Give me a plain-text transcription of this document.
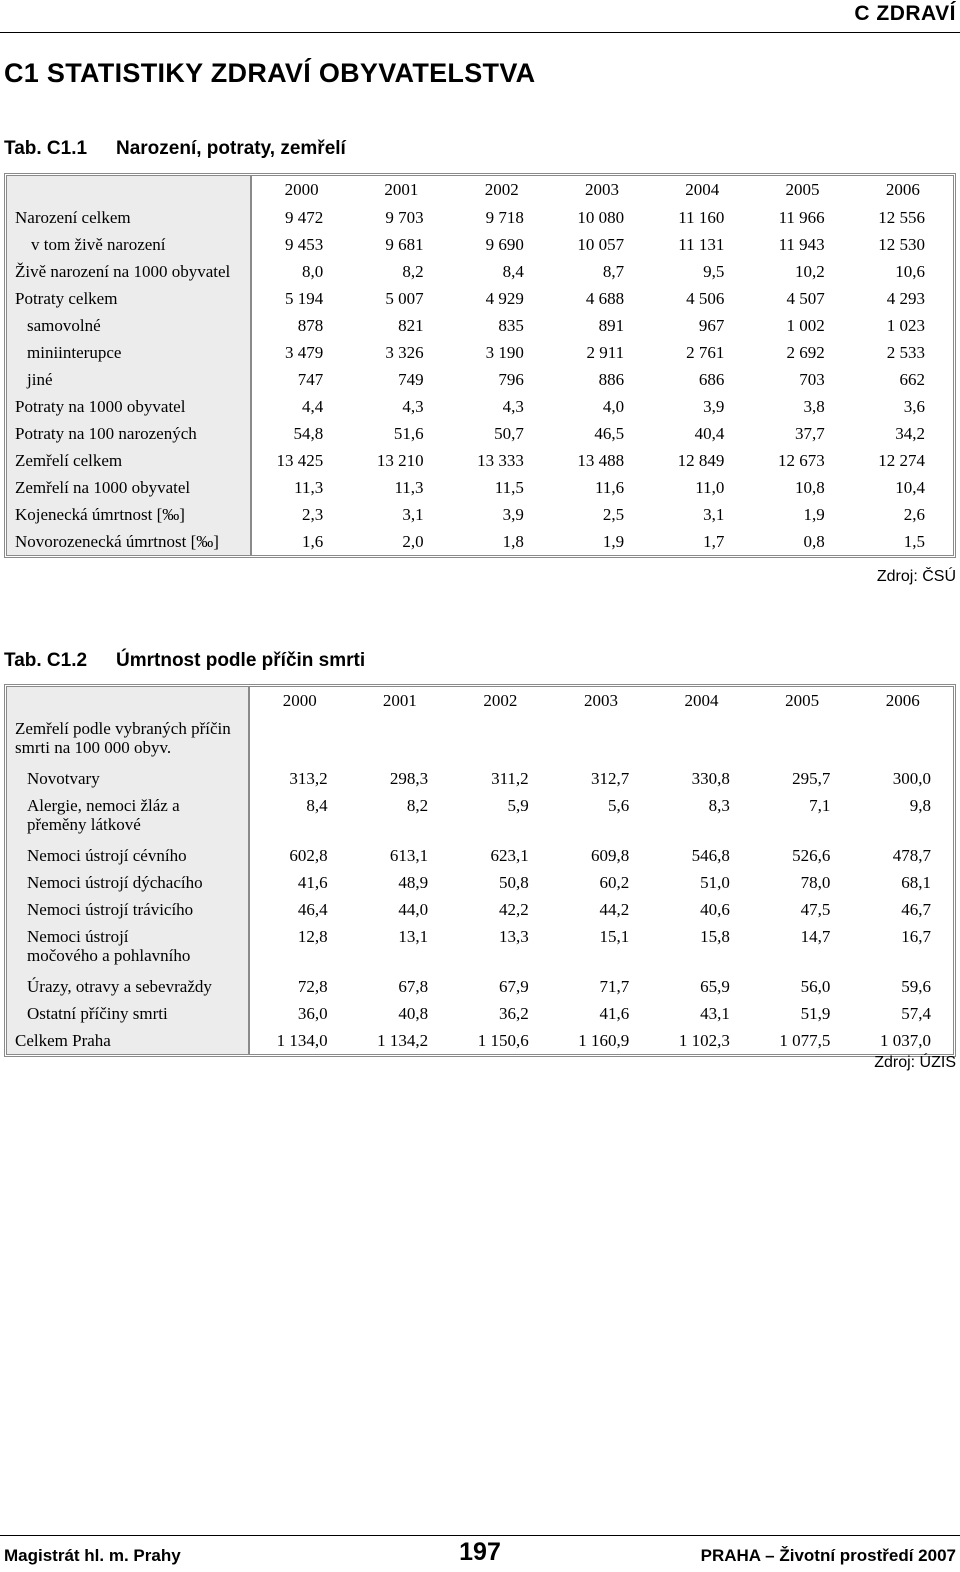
C ZDRAVÍ
C1 STATISTIKY ZDRAVÍ OBYVATELSTVA
Tab. C1.1 Narození, potraty, zemřelí
	2000	2001	2002	2003	2004	2005	2006
Narození celkem	9 472	9 703	9 718	10 080	11 160	11 966	12 556
v tom živě narození	9 453	9 681	9 690	10 057	11 131	11 943	12 530
Živě narození na 1000 obyvatel	8,0	8,2	8,4	8,7	9,5	10,2	10,6
Potraty celkem	5 194	5 007	4 929	4 688	4 506	4 507	4 293
samovolné	878	821	835	891	967	1 002	1 023
miniinterupce	3 479	3 326	3 190	2 911	2 761	2 692	2 533
jiné	747	749	796	886	686	703	662
Potraty na 1000 obyvatel	4,4	4,3	4,3	4,0	3,9	3,8	3,6
Potraty na 100 narozených	54,8	51,6	50,7	46,5	40,4	37,7	34,2
Zemřelí celkem	13 425	13 210	13 333	13 488	12 849	12 673	12 274
Zemřelí na 1000 obyvatel	11,3	11,3	11,5	11,6	11,0	10,8	10,4
Kojenecká úmrtnost [‰]	2,3	3,1	3,9	2,5	3,1	1,9	2,6
Novorozenecká úmrtnost [‰]	1,6	2,0	1,8	1,9	1,7	0,8	1,5
Zdroj: ČSÚ
Tab. C1.2 Úmrtnost podle příčin smrti
	2000	2001	2002	2003	2004	2005	2006

Zemřelí podle vybraných příčin smrti na 100 000 obyv.							

Novotvary	313,2	298,3	311,2	312,7	330,8	295,7	300,0

Alergie, nemoci žláz a přeměny látkové	8,4	8,2	5,9	5,6	8,3	7,1	9,8

Nemoci ústrojí cévního	602,8	613,1	623,1	609,8	546,8	526,6	478,7

Nemoci ústrojí dýchacího	41,6	48,9	50,8	60,2	51,0	78,0	68,1

Nemoci ústrojí trávicího	46,4	44,0	42,2	44,2	40,6	47,5	46,7

Nemoci ústrojí močového a pohlavního	12,8	13,1	13,3	15,1	15,8	14,7	16,7

Úrazy, otravy a sebevraždy	72,8	67,8	67,9	71,7	65,9	56,0	59,6

Ostatní příčiny smrti	36,0	40,8	36,2	41,6	43,1	51,9	57,4

Celkem Praha	1 134,0	1 134,2	1 150,6	1 160,9	1 102,3	1 077,5	1 037,0
Zdroj: ÚZIS
Magistrát hl. m. Prahy	197	PRAHA – Životní prostředí 2007
